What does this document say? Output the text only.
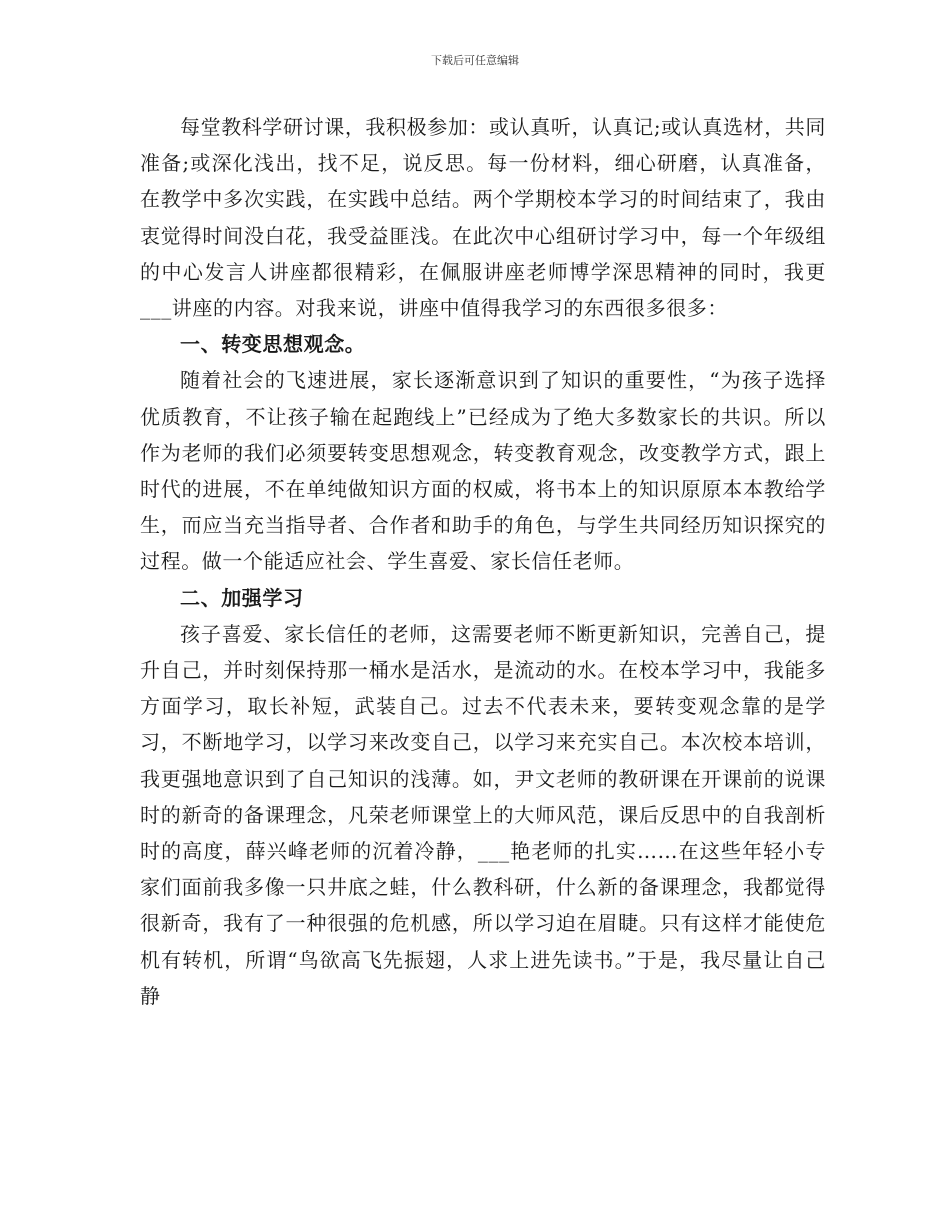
下载后可任意编辑

每堂教科学研讨课，我积极参加：或认真听，认真记;或认真选材，共同准备;或深化浅出，找不足，说反思。每一份材料，细心研磨，认真准备，在教学中多次实践，在实践中总结。两个学期校本学习的时间结束了，我由衷觉得时间没白花，我受益匪浅。在此次中心组研讨学习中，每一个年级组的中心发言人讲座都很精彩，在佩服讲座老师博学深思精神的同时，我更___讲座的内容。对我来说，讲座中值得我学习的东西很多很多：

一、转变思想观念。

随着社会的飞速进展，家长逐渐意识到了知识的重要性，“为孩子选择优质教育，不让孩子输在起跑线上”已经成为了绝大多数家长的共识。所以作为老师的我们必须要转变思想观念，转变教育观念，改变教学方式，跟上时代的进展，不在单纯做知识方面的权威，将书本上的知识原原本本教给学生，而应当充当指导者、合作者和助手的角色，与学生共同经历知识探究的过程。做一个能适应社会、学生喜爱、家长信任老师。

二、加强学习

孩子喜爱、家长信任的老师，这需要老师不断更新知识，完善自己，提升自己，并时刻保持那一桶水是活水，是流动的水。在校本学习中，我能多方面学习，取长补短，武装自己。过去不代表未来，要转变观念靠的是学习，不断地学习，以学习来改变自己，以学习来充实自己。本次校本培训，我更强地意识到了自己知识的浅薄。如，尹文老师的教研课在开课前的说课时的新奇的备课理念，凡荣老师课堂上的大师风范，课后反思中的自我剖析时的高度，薛兴峰老师的沉着冷静，___艳老师的扎实……在这些年轻小专家们面前我多像一只井底之蛙，什么教科研，什么新的备课理念，我都觉得很新奇，我有了一种很强的危机感，所以学习迫在眉睫。只有这样才能使危机有转机，所谓“鸟欲高飞先振翅，人求上进先读书。”于是，我尽量让自己静
